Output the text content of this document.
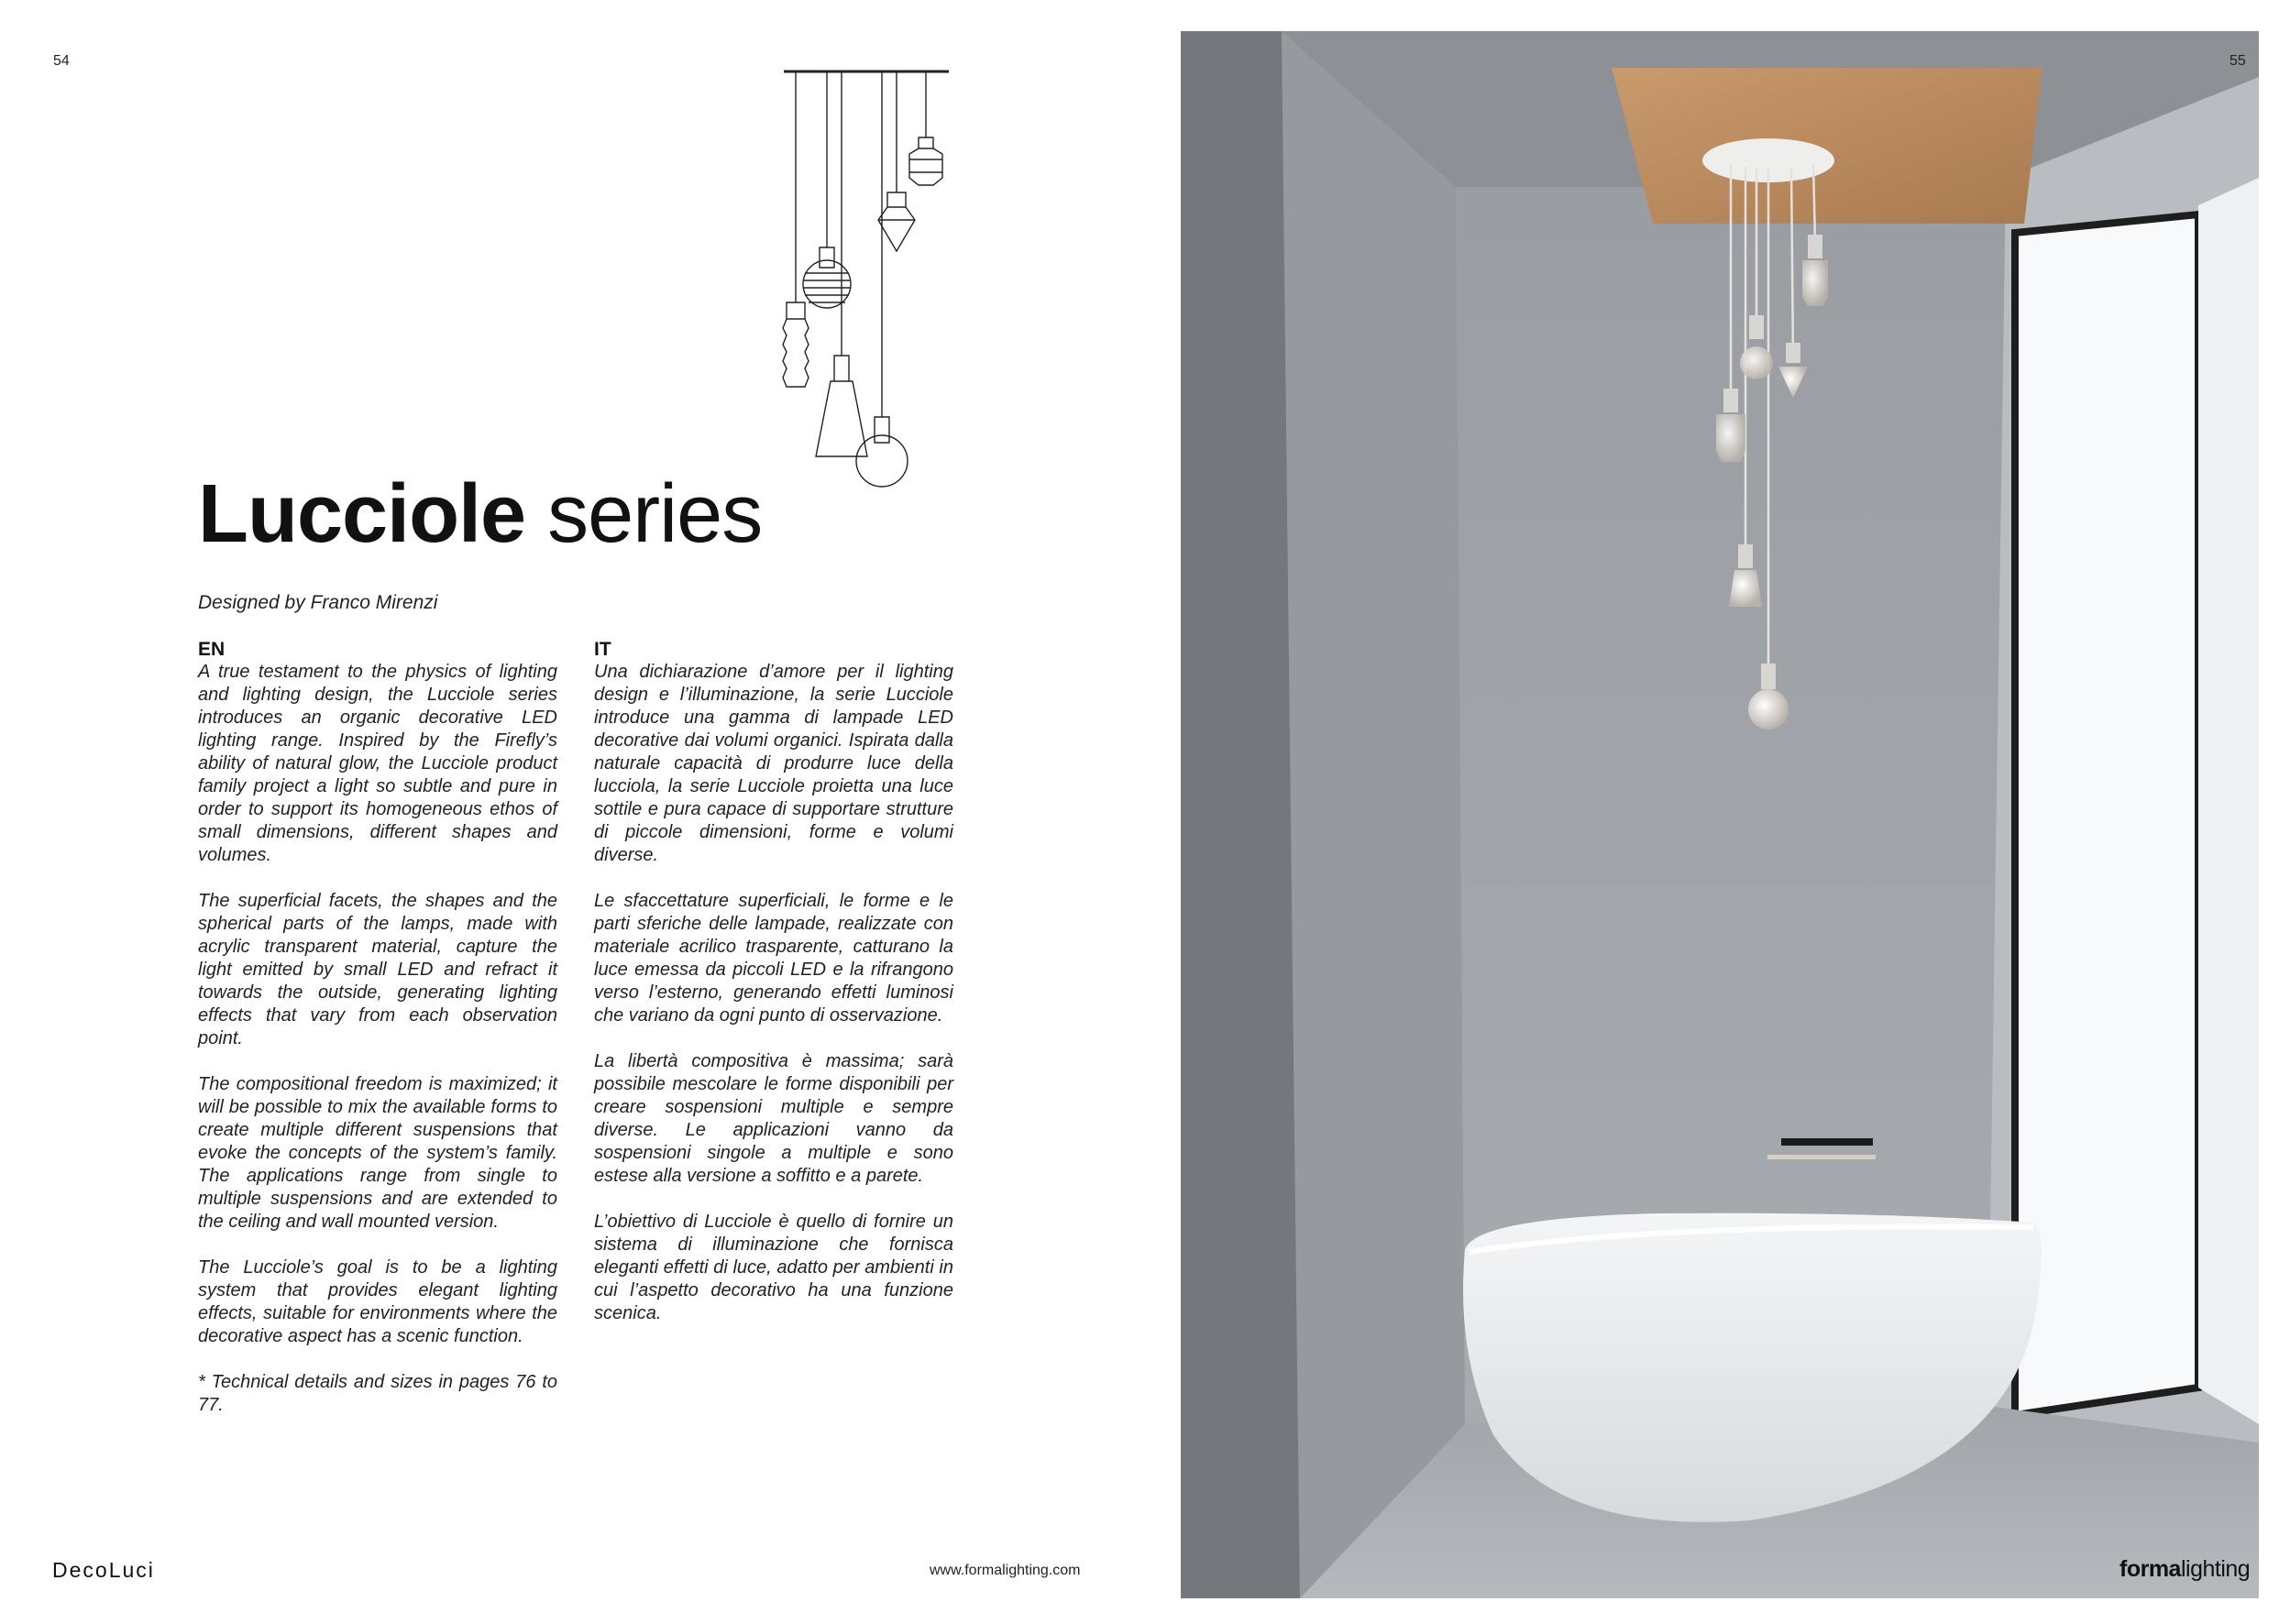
54
Lucciole series
Designed by Franco Mirenzi
EN

A true testament to the physics of lighting and lighting design, the Lucciole series introduces an organic decorative LED lighting range. Inspired by the Firefly’s ability of natural glow, the Lucciole product family project a light so subtle and pure in order to support its homogeneous ethos of small dimensions, different shapes and volumes.

The superficial facets, the shapes and the spherical parts of the lamps, made with acrylic transparent material, capture the light emitted by small LED and refract it towards the outside, generating lighting effects that vary from each observation point.

The compositional freedom is maximized; it will be possible to mix the available forms to create multiple different suspensions that evoke the concepts of the system’s family. The applications range from single to multiple suspensions and are extended to the ceiling and wall mounted version.

The Lucciole’s goal is to be a lighting system that provides elegant lighting effects, suitable for environments where the decorative aspect has a scenic function.

* Technical details and sizes in pages 76 to 77.

IT

Una dichiarazione d’amore per il lighting design e l’illuminazione, la serie Lucciole introduce una gamma di lampade LED decorative dai volumi organici. Ispirata dalla naturale capacità di produrre luce della lucciola, la serie Lucciole proietta una luce sottile e pura capace di supportare strutture di piccole dimensioni, forme e volumi diverse.

Le sfaccettature superficiali, le forme e le parti sferiche delle lampade, realizzate con materiale acrilico trasparente, catturano la luce emessa da piccoli LED e la rifrangono verso l’esterno, generando effetti luminosi che variano da ogni punto di osservazione.

La libertà compositiva è massima; sarà possibile mescolare le forme disponibili per creare sospensioni multiple e sempre diverse. Le applicazioni vanno da sospensioni singole a multiple e sono estese alla versione a soffitto e a parete.

L’obiettivo di Lucciole è quello di fornire un sistema di illuminazione che fornisca eleganti effetti di luce, adatto per ambienti in cui l’aspetto decorativo ha una funzione scenica.

DecoLuci	www.formalighting.com
55
formalighting
